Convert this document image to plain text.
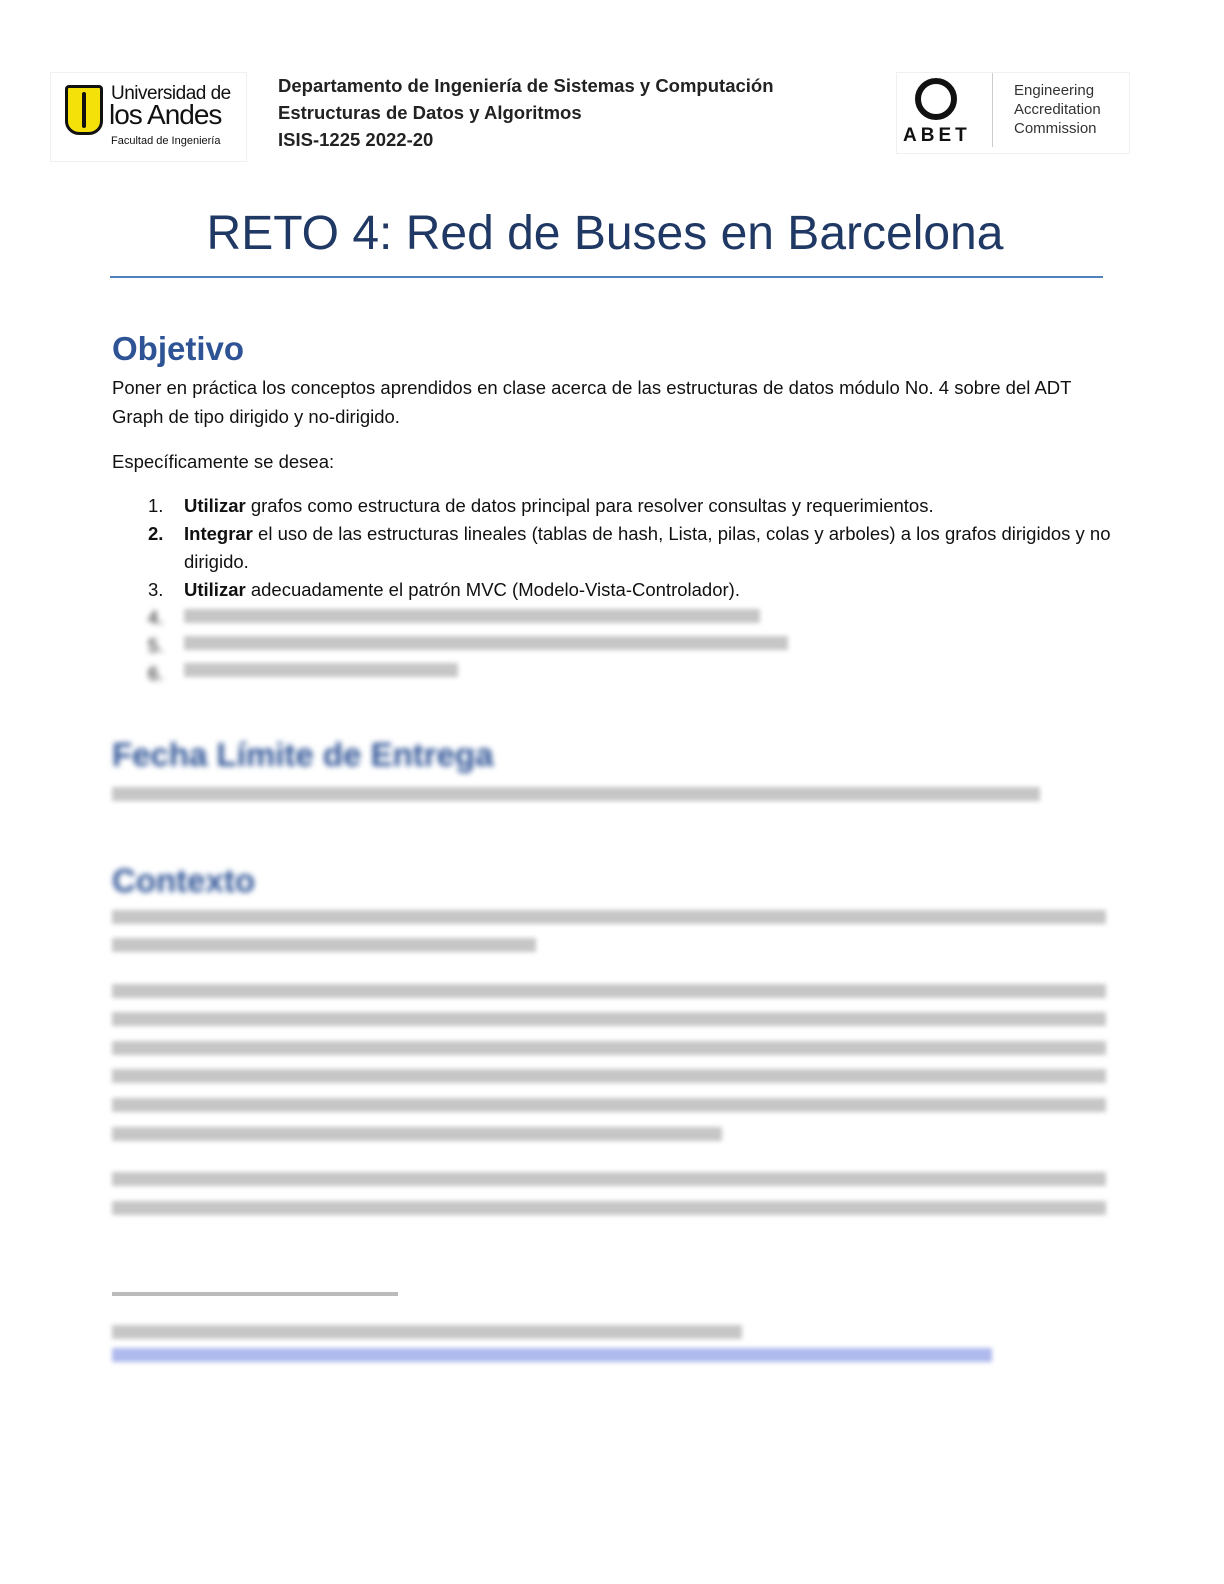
Universidad de
los Andes
Facultad de Ingeniería
Departamento de Ingeniería de Sistemas y Computación
Estructuras de Datos y Algoritmos
ISIS-1225 2022-20	ABET
Engineering
Accreditation
Commission
RETO 4: Red de Buses en Barcelona
Objetivo
Poner en práctica los conceptos aprendidos en clase acerca de las estructuras de datos módulo No. 4 sobre del ADT Graph de tipo dirigido y no-dirigido.
Específicamente se desea:
1. Utilizar grafos como estructura de datos principal para resolver consultas y requerimientos.
2. Integrar el uso de las estructuras lineales (tablas de hash, Lista, pilas, colas y arboles) a los grafos dirigidos y no dirigido.
3. Utilizar adecuadamente el patrón MVC (Modelo-Vista-Controlador).
4.

5.

6.

Fecha Límite de Entrega
Contexto
